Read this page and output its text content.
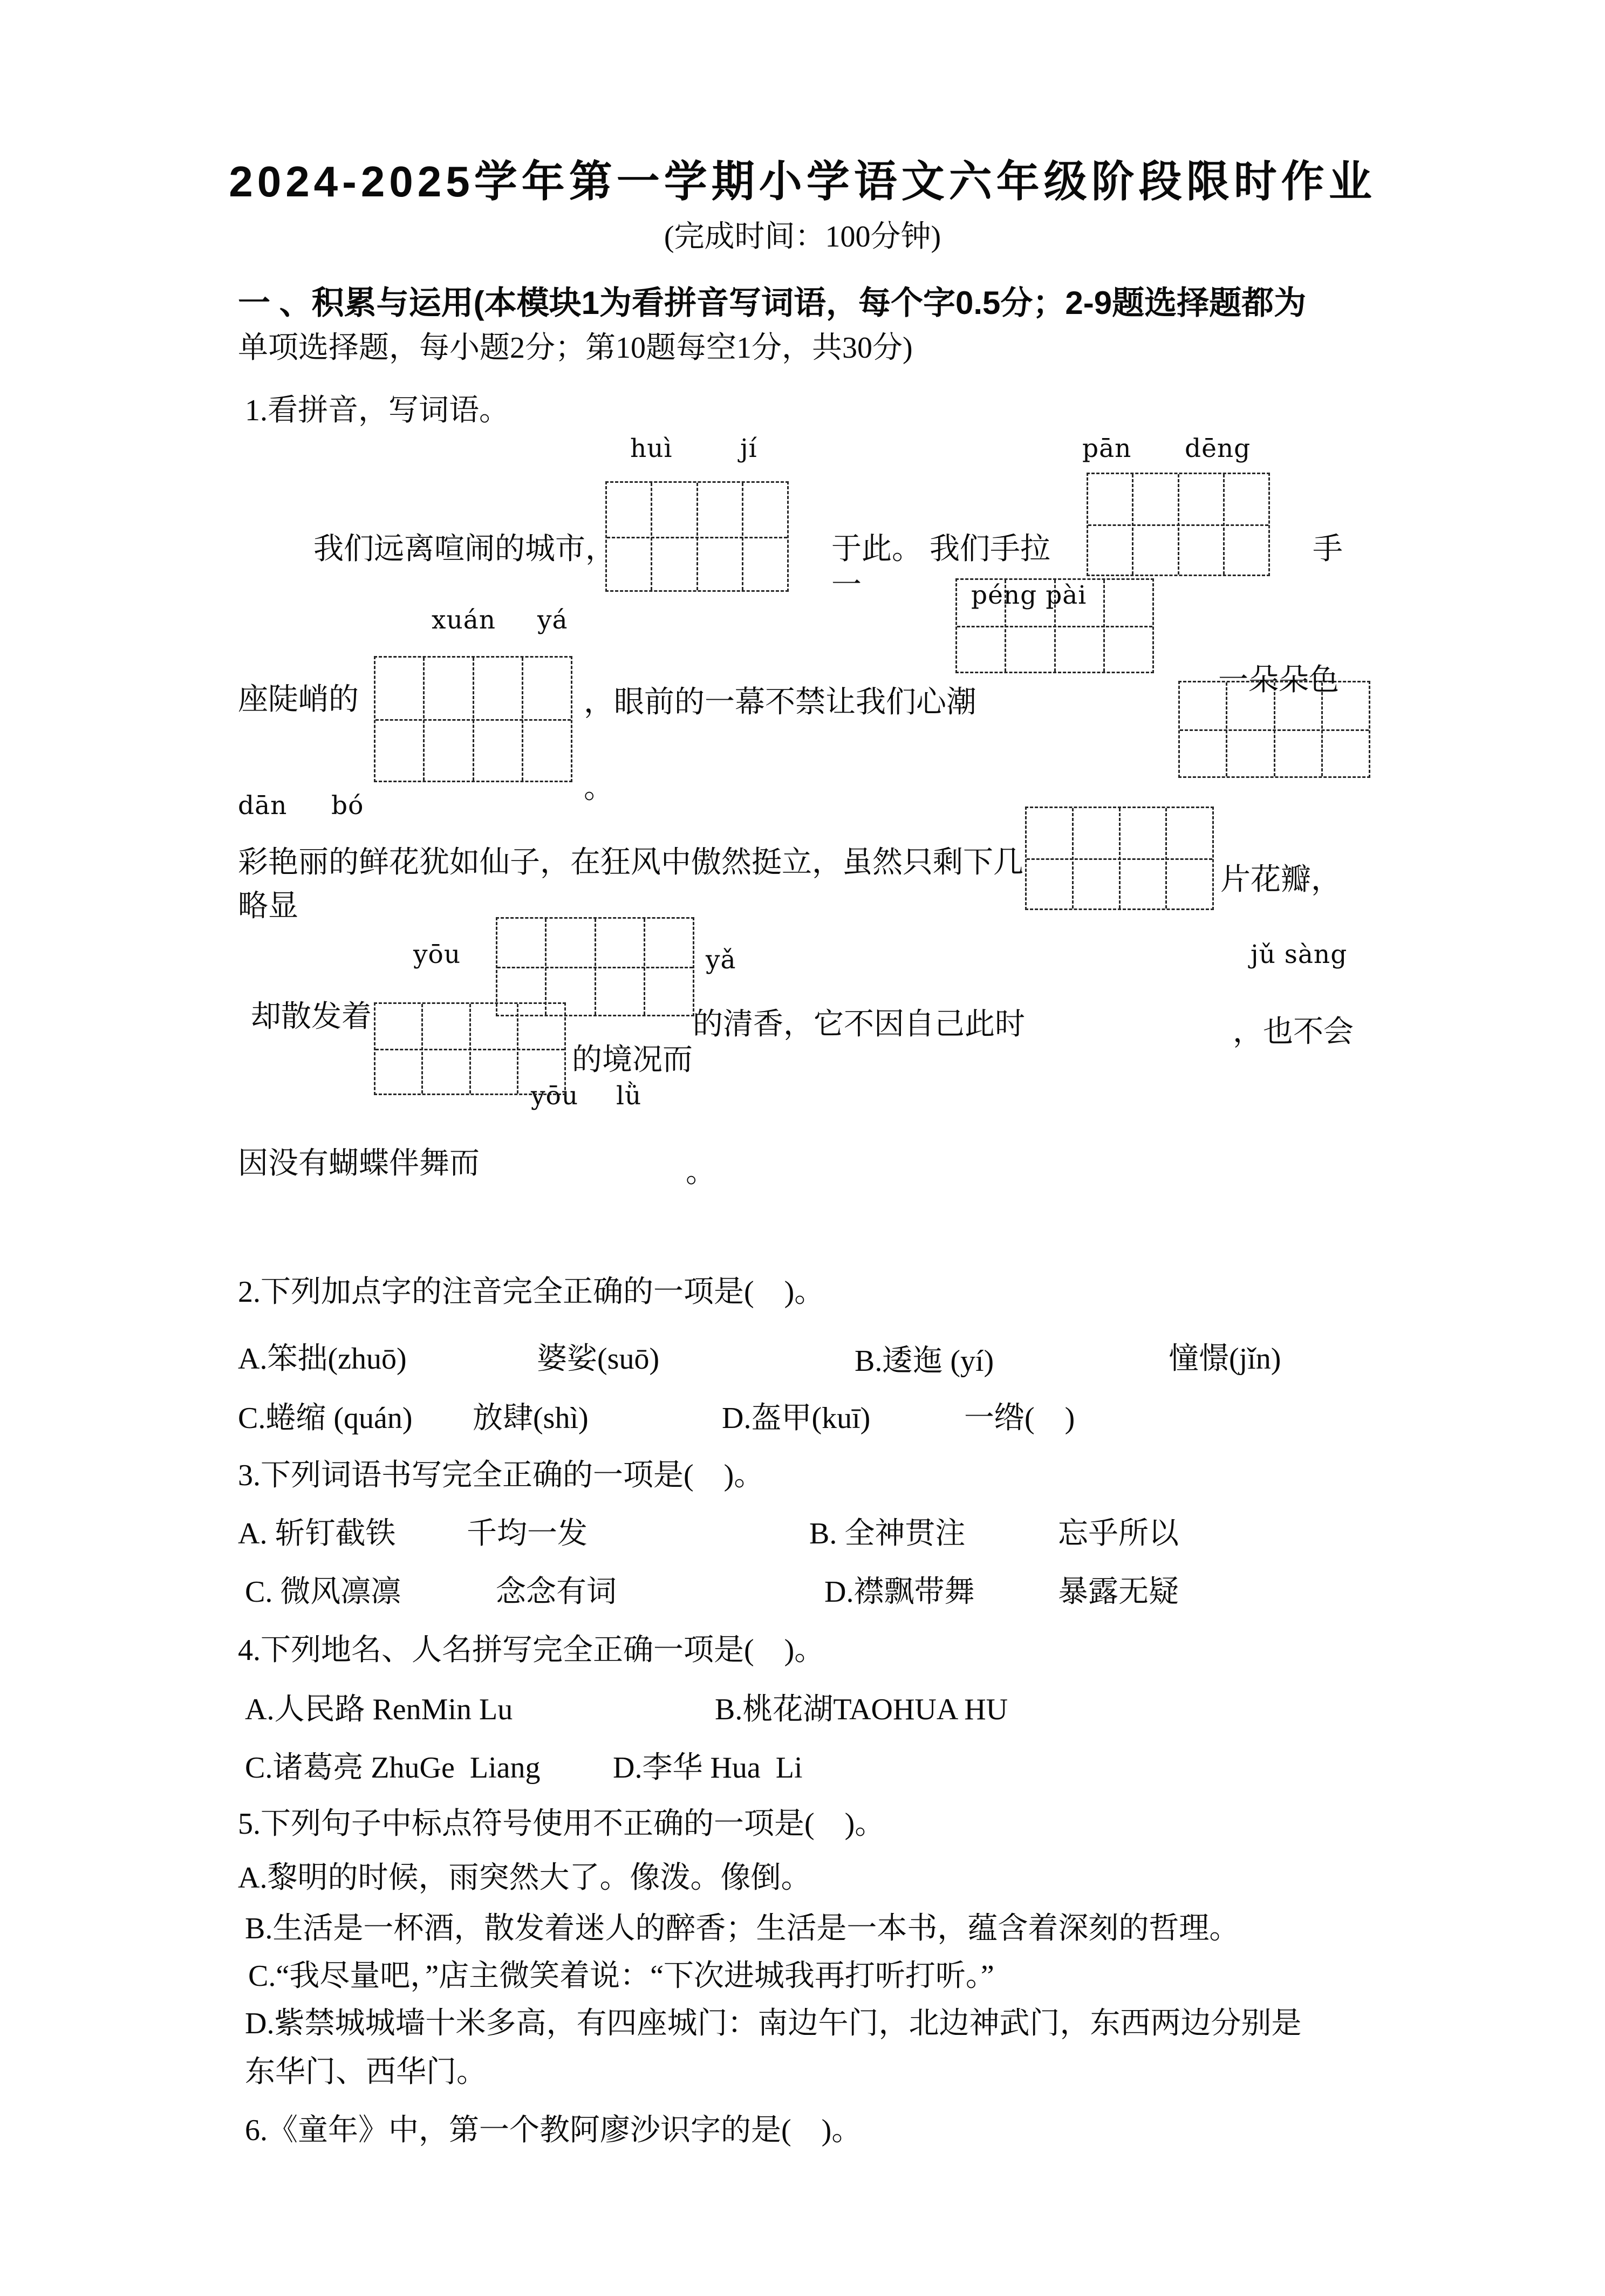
2024-2025学年第一学期小学语文六年级阶段限时作业
(完成时间：100分钟)
一 、积累与运用(本模块1为看拼音写词语，每个字0.5分；2-9题选择题都为
单项选择题，每小题2分；第10题每空1分，共30分)
1.看拼音，写词语。
huì	jí	pān dēng
péng pài
xuán yá
dān bó
yōu	yǎ	jǔ sàng
yōu lǜ
我们远离喧闹的城市，	于此。 我们手拉	手
一
座陡峭的	，眼前的一幕不禁让我们心潮
。
一朵朵色
彩艳丽的鲜花犹如仙子，在狂风中傲然挺立，虽然只剩下几
片花瓣，
略显
却散发着	的清香，它不因自己此时	，也不会
的境况而
因没有蝴蝶伴舞而	。
2.下列加点字的注音完全正确的一项是(　)。
A.笨拙(zhuō)	婆娑(suō)	B.逶迤 (yí)	憧憬(jǐn)
C.蜷缩 (quán) 放肆(shì)	D.盔甲(kuī)	一绺(　)
3.下列词语书写完全正确的一项是(　)。
A. 斩钉截铁 千均一发	B. 全神贯注	忘乎所以
C. 微风凛凛	念念有词	D.襟飘带舞	暴露无疑
4.下列地名、人名拼写完全正确一项是(　)。
A.人民路 RenMin Lu	B.桃花湖TAOHUA HU
C.诸葛亮 ZhuGe  Liang D.李华 Hua  Li
5.下列句子中标点符号使用不正确的一项是(　)。
A.黎明的时候，雨突然大了。像泼。像倒。
B.生活是一杯酒，散发着迷人的醉香；生活是一本书，蕴含着深刻的哲理。
C.“我尽量吧，”店主微笑着说：“下次进城我再打听打听。”
D.紫禁城城墙十米多高，有四座城门：南边午门，北边神武门，东西两边分别是
东华门、西华门。
6.《童年》中，第一个教阿廖沙识字的是(　)。
